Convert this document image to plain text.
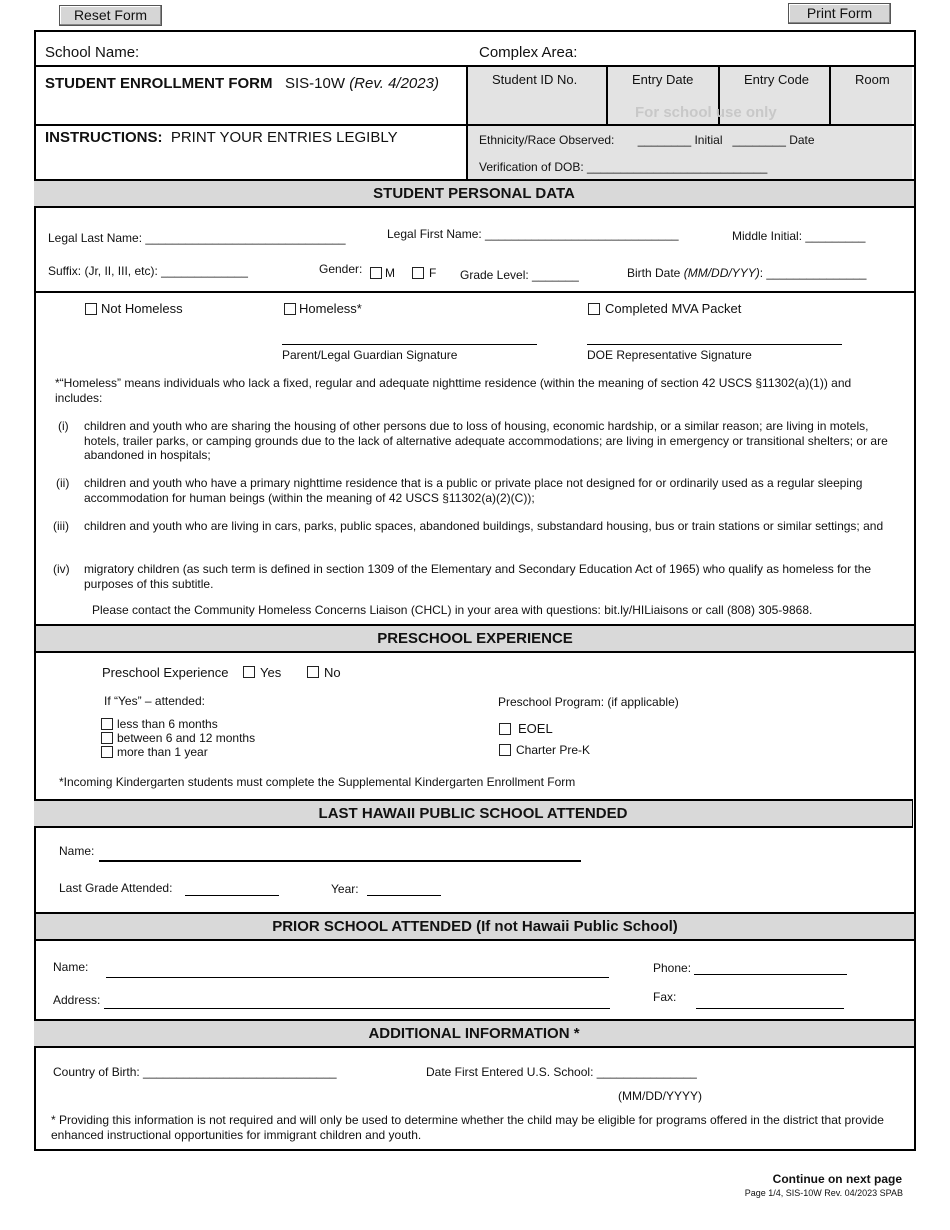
Reset Form	Print Form
School Name:	Complex Area:
STUDENT ENROLLMENT FORM SIS-10W (Rev. 4/2023)
INSTRUCTIONS: PRINT YOUR ENTRIES LEGIBLY
Student ID No.	Entry Date	Entry Code	Room
For school use only
Ethnicity/Race Observed: ________ Initial   ________ Date
Verification of DOB: ___________________________
STUDENT PERSONAL DATA
Legal Last Name: ______________________________	Legal First Name: _____________________________	Middle Initial: _________
Suffix: (Jr, II, III, etc): _____________	Gender: M	F Grade Level: _______	Birth Date (MM/DD/YYY): _______________
Not Homeless	Homeless*	Completed MVA Packet
Parent/Legal Guardian Signature	DOE Representative Signature
*“Homeless” means individuals who lack a fixed, regular and adequate nighttime residence (within the meaning of section 42 USCS §11302(a)(1)) and includes:
(i) children and youth who are sharing the housing of other persons due to loss of housing, economic hardship, or a similar reason; are living in motels, hotels, trailer parks, or camping grounds due to the lack of alternative adequate accommodations; are living in emergency or transitional shelters; or are abandoned in hospitals;
(ii) children and youth who have a primary nighttime residence that is a public or private place not designed for or ordinarily used as a regular sleeping accommodation for human beings (within the meaning of 42 USCS §11302(a)(2)(C));
(iii) children and youth who are living in cars, parks, public spaces, abandoned buildings, substandard housing, bus or train stations or similar settings; and
(iv) migratory children (as such term is defined in section 1309 of the Elementary and Secondary Education Act of 1965) who qualify as homeless for the purposes of this subtitle.
Please contact the Community Homeless Concerns Liaison (CHCL) in your area with questions: bit.ly/HILiaisons or call (808) 305-9868.
PRESCHOOL EXPERIENCE
Preschool Experience Yes	No
If “Yes” – attended:
less than 6 months
between 6 and 12 months
more than 1 year
Preschool Program: (if applicable)
EOEL
Charter Pre-K
*Incoming Kindergarten students must complete the Supplemental Kindergarten Enrollment Form
LAST HAWAII PUBLIC SCHOOL ATTENDED
Name:
Last Grade Attended:	Year:
PRIOR SCHOOL ATTENDED (If not Hawaii Public School)
Name:
Address:
Phone:
Fax:
ADDITIONAL INFORMATION *
Country of Birth: _____________________________	Date First Entered U.S. School: _______________
(MM/DD/YYYY)
* Providing this information is not required and will only be used to determine whether the child may be eligible for programs offered in the district that provide enhanced instructional opportunities for immigrant children and youth.
Continue on next page
Page 1/4, SIS-10W Rev. 04/2023 SPAB
